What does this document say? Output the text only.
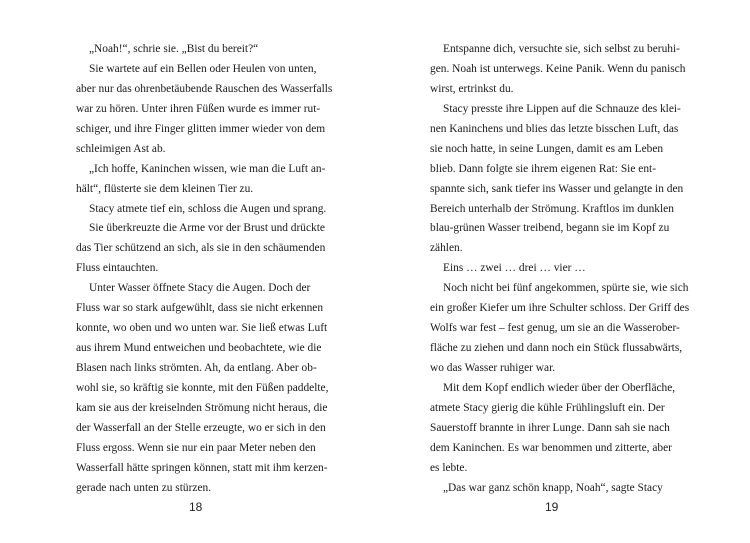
„Noah!“, schrie sie. „Bist du bereit?“
Sie wartete auf ein Bellen oder Heulen von unten,
aber nur das ohrenbetäubende Rauschen des Wasserfalls
war zu hören. Unter ihren Füßen wurde es immer rut-
schiger, und ihre Finger glitten immer wieder von dem
schleimigen Ast ab.
„Ich hoffe, Kaninchen wissen, wie man die Luft an-
hält“, flüsterte sie dem kleinen Tier zu.
Stacy atmete tief ein, schloss die Augen und sprang.
Sie überkreuzte die Arme vor der Brust und drückte
das Tier schützend an sich, als sie in den schäumenden
Fluss eintauchten.
Unter Wasser öffnete Stacy die Augen. Doch der
Fluss war so stark aufgewühlt, dass sie nicht erkennen
konnte, wo oben und wo unten war. Sie ließ etwas Luft
aus ihrem Mund entweichen und beobachtete, wie die
Blasen nach links strömten. Ah, da entlang. Aber ob-
wohl sie, so kräftig sie konnte, mit den Füßen paddelte,
kam sie aus der kreiselnden Strömung nicht heraus, die
der Wasserfall an der Stelle erzeugte, wo er sich in den
Fluss ergoss. Wenn sie nur ein paar Meter neben den
Wasserfall hätte springen können, statt mit ihm kerzen-
gerade nach unten zu stürzen.
18
Entspanne dich, versuchte sie, sich selbst zu beruhi-
gen. Noah ist unterwegs. Keine Panik. Wenn du panisch
wirst, ertrinkst du.
Stacy presste ihre Lippen auf die Schnauze des klei-
nen Kaninchens und blies das letzte bisschen Luft, das
sie noch hatte, in seine Lungen, damit es am Leben
blieb. Dann folgte sie ihrem eigenen Rat: Sie ent-
spannte sich, sank tiefer ins Wasser und gelangte in den
Bereich unterhalb der Strömung. Kraftlos im dunklen
blau-grünen Wasser treibend, begann sie im Kopf zu
zählen.
Eins … zwei … drei … vier …
Noch nicht bei fünf angekommen, spürte sie, wie sich
ein großer Kiefer um ihre Schulter schloss. Der Griff des
Wolfs war fest – fest genug, um sie an die Wasserober-
fläche zu ziehen und dann noch ein Stück flussabwärts,
wo das Wasser ruhiger war.
Mit dem Kopf endlich wieder über der Oberfläche,
atmete Stacy gierig die kühle Frühlingsluft ein. Der
Sauerstoff brannte in ihrer Lunge. Dann sah sie nach
dem Kaninchen. Es war benommen und zitterte, aber
es lebte.
„Das war ganz schön knapp, Noah“, sagte Stacy
19
